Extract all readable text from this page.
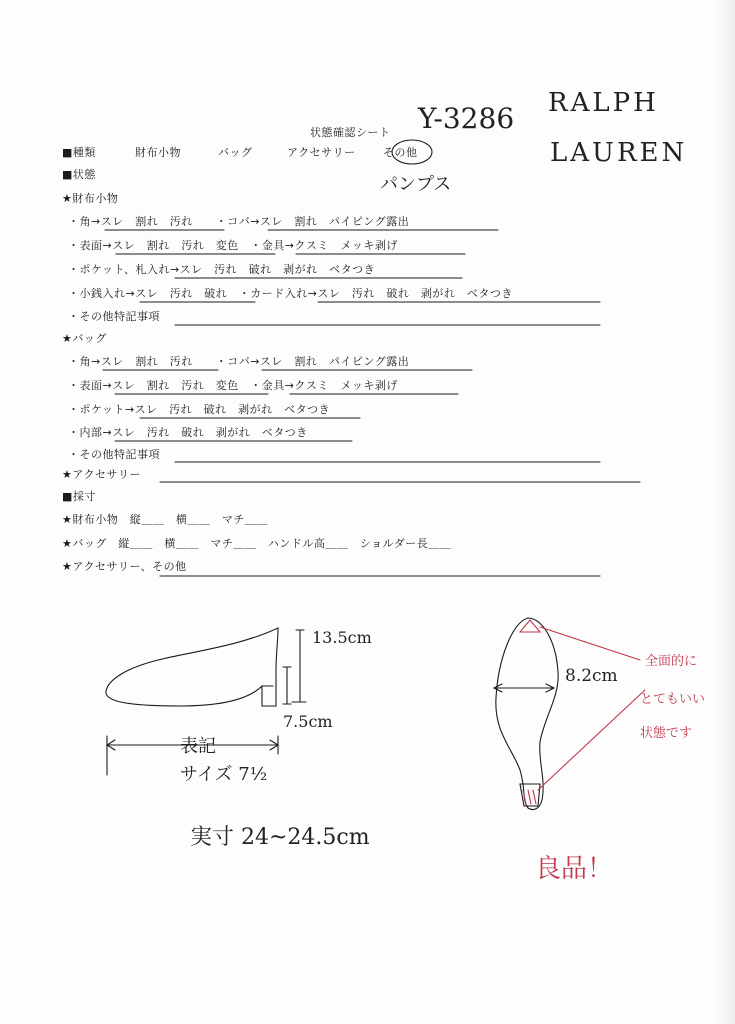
状態確認シート
■種類	財布小物	バッグ	アクセサリー その他
■状態
★財布小物
・角→スレ　割れ　汚れ　　・コバ→スレ　割れ　パイピング露出
・表面→スレ　割れ　汚れ　変色　・金具→クスミ　メッキ剥げ
・ポケット、札入れ→スレ　汚れ　破れ　剥がれ　ベタつき
・小銭入れ→スレ　汚れ　破れ　・カード入れ→スレ　汚れ　破れ　剥がれ　ベタつき
・その他特記事項
★バッグ
・角→スレ　割れ　汚れ　　・コバ→スレ　割れ　パイピング露出
・表面→スレ　割れ　汚れ　変色　・金具→クスミ　メッキ剥げ
・ポケット→スレ　汚れ　破れ　剥がれ　ベタつき
・内部→スレ　汚れ　破れ　剥がれ　ベタつき
・その他特記事項
★アクセサリー
■採寸
★財布小物　縦＿＿　横＿＿　マチ＿＿
★バッグ　縦＿＿　横＿＿　マチ＿＿　ハンドル高＿＿　ショルダー長＿＿
★アクセサリー、その他
Y-3286 RALPH
LAUREN
パンプス
13.5cm
7.5cm
表記
サイズ 7½
実寸 24~24.5cm
8.2cm
全面的に
とてもいい
状態です
良品！
